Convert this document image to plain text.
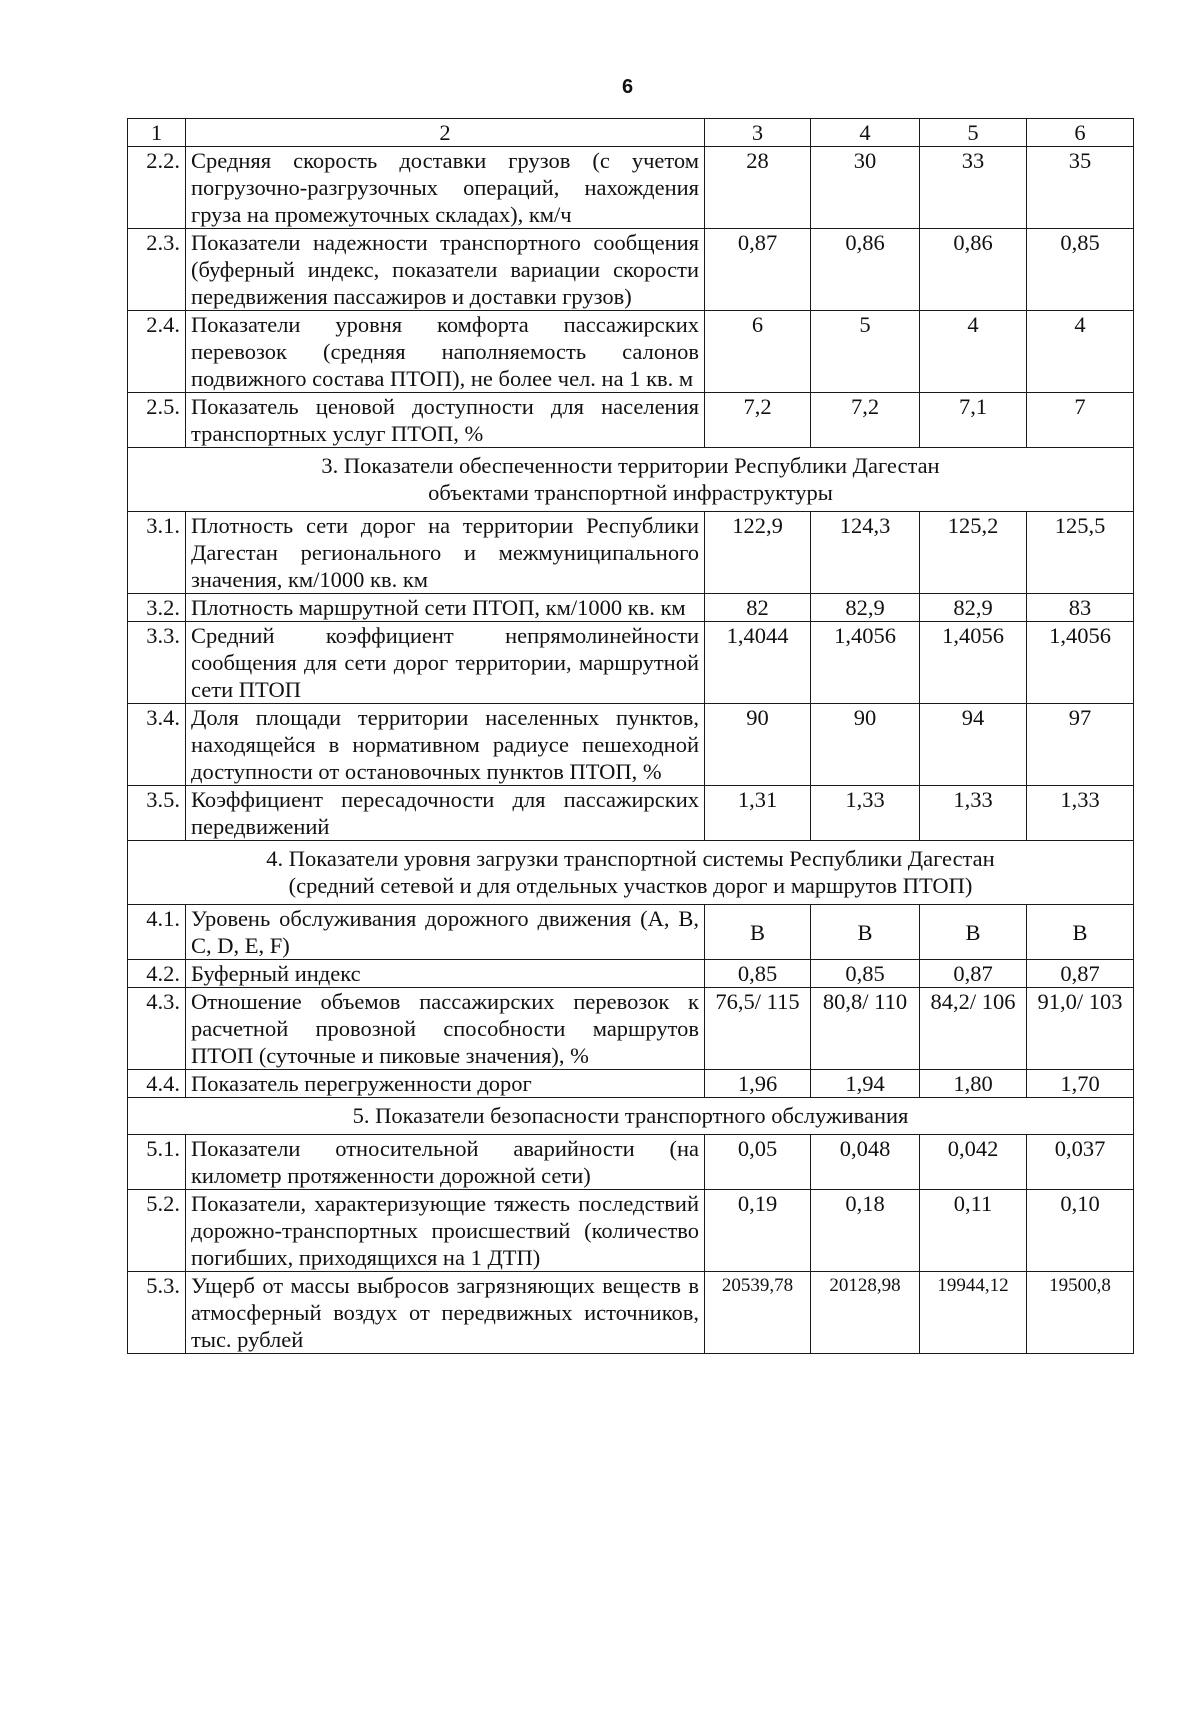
6
1	2	3	4	5	6
2.2.	Средняя скорость доставки грузов (с учетом погрузочно-разгрузочных операций, нахождения груза на промежуточных складах), км/ч	28	30	33	35
2.3.	Показатели надежности транспортного сообщения (буферный индекс, показатели вариации скорости передвижения пассажиров и доставки грузов)	0,87	0,86	0,86	0,85
2.4.	Показатели уровня комфорта пассажирских перевозок (средняя наполняемость салонов подвижного состава ПТОП), не более чел. на 1 кв. м	6	5	4	4
2.5.	Показатель ценовой доступности для населения транспортных услуг ПТОП, %	7,2	7,2	7,1	7

3. Показатели обеспеченности территории Республики Дагестан
объектами транспортной инфраструктуры					

3.1.	Плотность сети дорог на территории Республики Дагестан регионального и межмуниципального значения, км/1000 кв. км	122,9	124,3	125,2	125,5
3.2.	Плотность маршрутной сети ПТОП, км/1000 кв. км	82	82,9	82,9	83
3.3.	Средний коэффициент непрямолинейности сообщения для сети дорог территории, маршрутной сети ПТОП	1,4044	1,4056	1,4056	1,4056
3.4.	Доля площади территории населенных пунктов, находящейся в нормативном радиусе пешеходной доступности от остановочных пунктов ПТОП, %	90	90	94	97
3.5.	Коэффициент пересадочности для пассажирских передвижений	1,31	1,33	1,33	1,33

4. Показатели уровня загрузки транспортной системы Республики Дагестан
(средний сетевой и для отдельных участков дорог и маршрутов ПТОП)					

4.1.	Уровень обслуживания дорожного движения (A, B, C, D, E, F)	B	B	B	B
4.2.	Буферный индекс	0,85	0,85	0,87	0,87
4.3.	Отношение объемов пассажирских перевозок к расчетной провозной способности маршрутов ПТОП (суточные и пиковые значения), %	76,5/ 115	80,8/ 110	84,2/ 106	91,0/ 103
4.4.	Показатель перегруженности дорог	1,96	1,94	1,80	1,70

5. Показатели безопасности транспортного обслуживания					

5.1.	Показатели относительной аварийности (на километр протяженности дорожной сети)	0,05	0,048	0,042	0,037
5.2.	Показатели, характеризующие тяжесть последствий дорожно-транспортных происшествий (количество погибших, приходящихся на 1 ДТП)	0,19	0,18	0,11	0,10
5.3.	Ущерб от массы выбросов загрязняющих веществ в атмосферный воздух от передвижных источников, тыс. рублей	20539,78	20128,98	19944,12	19500,8
